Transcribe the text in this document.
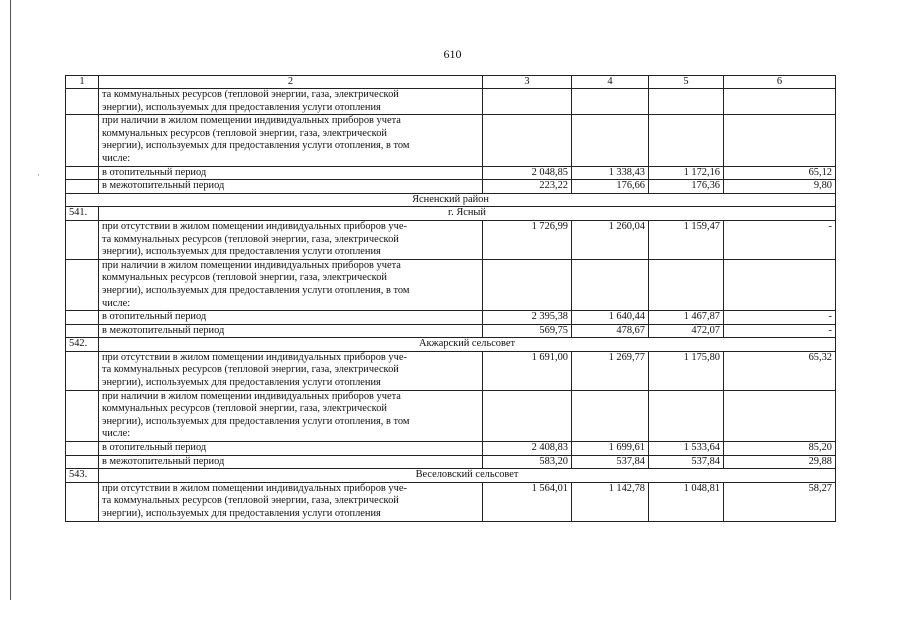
·
610
1	2	3	4	5	6

	та коммунальных ресурсов (тепловой энергии, газа, электрической
энергии), используемых для предоставления услуги отопления				

	при наличии в жилом помещении индивидуальных приборов учета
коммунальных ресурсов (тепловой энергии, газа, электрической
энергии), используемых для предоставления услуги отопления, в том
числе:				

	в отопительный период	2 048,85	1 338,43	1 172,16	65,12

	в межотопительный период	223,22	176,66	176,36	9,80
Ясненский район					
541.	г. Ясный				

	при отсутствии в жилом помещении индивидуальных приборов уче-
та коммунальных ресурсов (тепловой энергии, газа, электрической
энергии), используемых для предоставления услуги отопления	1 726,99	1 260,04	1 159,47	-

	при наличии в жилом помещении индивидуальных приборов учета
коммунальных ресурсов (тепловой энергии, газа, электрической
энергии), используемых для предоставления услуги отопления, в том
числе:				

	в отопительный период	2 395,38	1 640,44	1 467,87	-

	в межотопительный период	569,75	478,67	472,07	-
542.	Акжарский сельсовет				

	при отсутствии в жилом помещении индивидуальных приборов уче-
та коммунальных ресурсов (тепловой энергии, газа, электрической
энергии), используемых для предоставления услуги отопления	1 691,00	1 269,77	1 175,80	65,32

	при наличии в жилом помещении индивидуальных приборов учета
коммунальных ресурсов (тепловой энергии, газа, электрической
энергии), используемых для предоставления услуги отопления, в том
числе:				

	в отопительный период	2 408,83	1 699,61	1 533,64	85,20

	в межотопительный период	583,20	537,84	537,84	29,88
543.	Веселовский сельсовет				

	при отсутствии в жилом помещении индивидуальных приборов уче-
та коммунальных ресурсов (тепловой энергии, газа, электрической
энергии), используемых для предоставления услуги отопления	1 564,01	1 142,78	1 048,81	58,27
